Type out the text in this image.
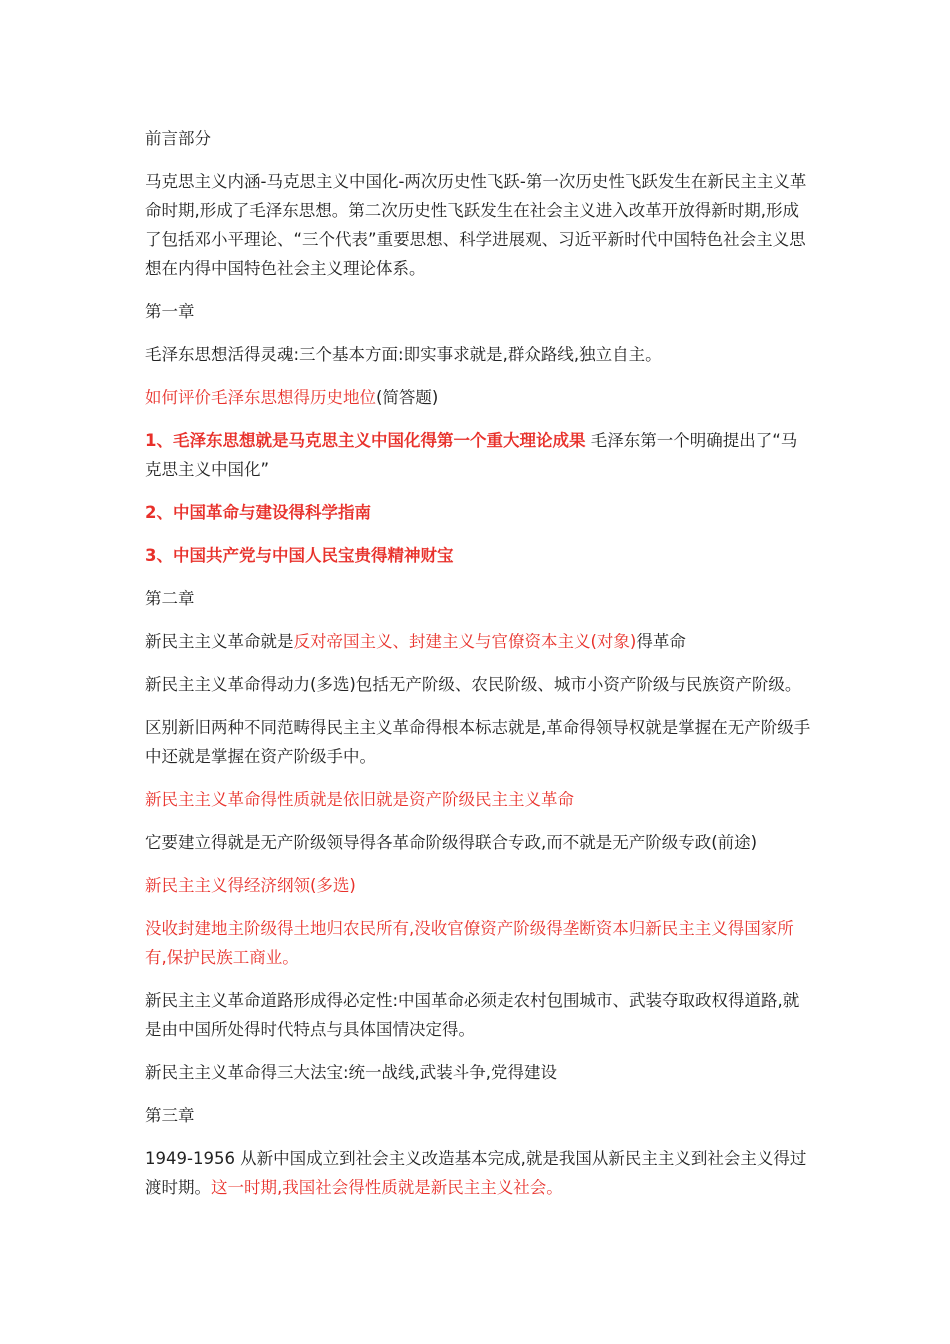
前言部分

马克思主义内涵-马克思主义中国化-两次历史性飞跃-第一次历史性飞跃发生在新民主主义革命时期,形成了毛泽东思想。第二次历史性飞跃发生在社会主义进入改革开放得新时期,形成了包括邓小平理论、“三个代表”重要思想、科学进展观、习近平新时代中国特色社会主义思想在内得中国特色社会主义理论体系。

第一章

毛泽东思想活得灵魂:三个基本方面:即实事求就是,群众路线,独立自主。

如何评价毛泽东思想得历史地位(简答题)

1、毛泽东思想就是马克思主义中国化得第一个重大理论成果 毛泽东第一个明确提出了“马克思主义中国化”

2、中国革命与建设得科学指南

3、中国共产党与中国人民宝贵得精神财宝

第二章

新民主主义革命就是反对帝国主义、封建主义与官僚资本主义(对象)得革命

新民主主义革命得动力(多选)包括无产阶级、农民阶级、城市小资产阶级与民族资产阶级。

区别新旧两种不同范畴得民主主义革命得根本标志就是,革命得领导权就是掌握在无产阶级手中还就是掌握在资产阶级手中。

新民主主义革命得性质就是依旧就是资产阶级民主主义革命

它要建立得就是无产阶级领导得各革命阶级得联合专政,而不就是无产阶级专政(前途)

新民主主义得经济纲领(多选)

没收封建地主阶级得土地归农民所有,没收官僚资产阶级得垄断资本归新民主主义得国家所有,保护民族工商业。

新民主主义革命道路形成得必定性:中国革命必须走农村包围城市、武装夺取政权得道路,就是由中国所处得时代特点与具体国情决定得。

新民主主义革命得三大法宝:统一战线,武装斗争,党得建设

第三章

1949-1956 从新中国成立到社会主义改造基本完成,就是我国从新民主主义到社会主义得过渡时期。这一时期,我国社会得性质就是新民主主义社会。
